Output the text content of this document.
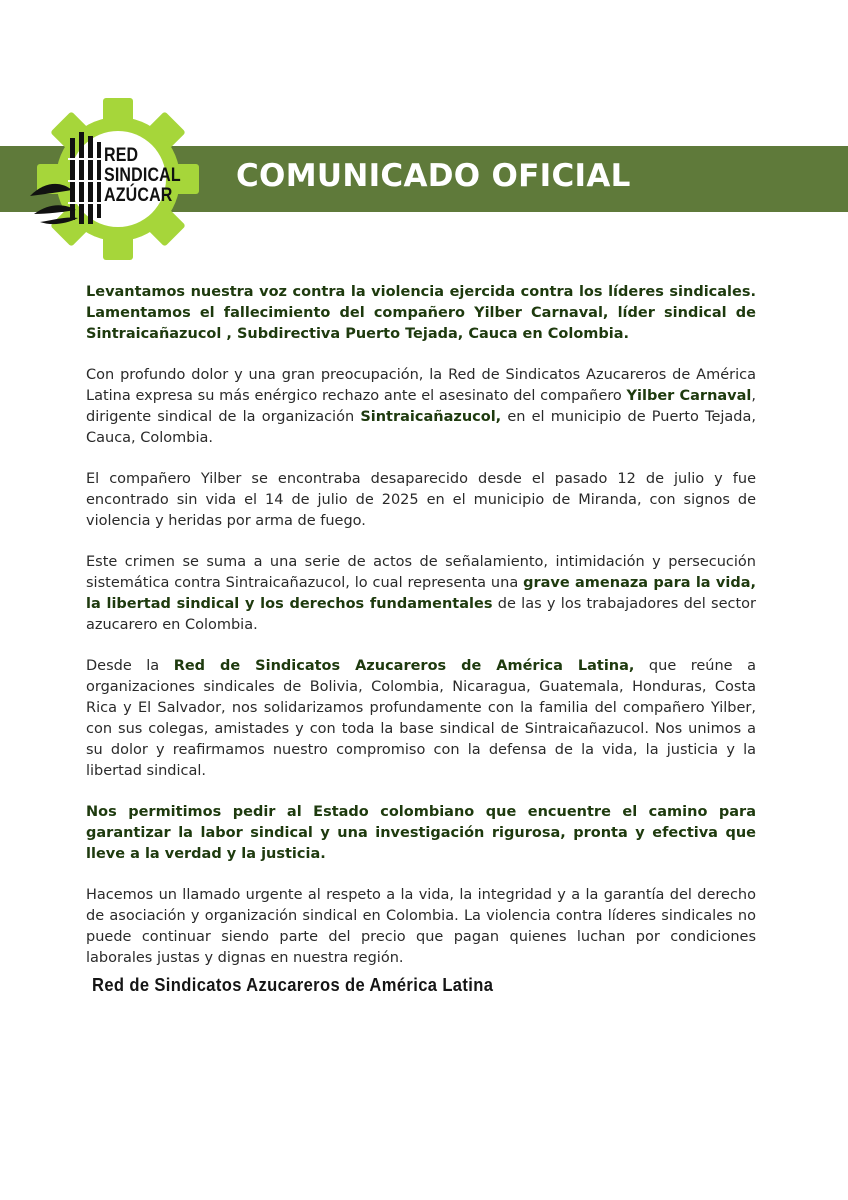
COMUNICADO OFICIAL
RED
SINDICAL
AZÚCAR

Levantamos nuestra voz contra la violencia ejercida contra los líderes sindicales. Lamentamos el fallecimiento del compañero Yilber Carnaval, líder sindical de Sintraicañazucol , Subdirectiva Puerto Tejada, Cauca en Colombia.

Con profundo dolor y una gran preocupación, la Red de Sindicatos Azucareros de América Latina expresa su más enérgico rechazo ante el asesinato del compañero Yilber Carnaval, dirigente sindical de la organización Sintraicañazucol, en el municipio de Puerto Tejada, Cauca, Colombia.

El compañero Yilber se encontraba desaparecido desde el pasado 12 de julio y fue encontrado sin vida el 14 de julio de 2025 en el municipio de Miranda, con signos de violencia y heridas por arma de fuego.

Este crimen se suma a una serie de actos de señalamiento, intimidación y persecución sistemática contra Sintraicañazucol, lo cual representa una grave amenaza para la vida, la libertad sindical y los derechos fundamentales de las y los trabajadores del sector azucarero en Colombia.

Desde la Red de Sindicatos Azucareros de América Latina, que reúne a organizaciones sindicales de Bolivia, Colombia, Nicaragua, Guatemala, Honduras, Costa Rica y El Salvador, nos solidarizamos profundamente con la familia del compañero Yilber, con sus colegas, amistades y con toda la base sindical de Sintraicañazucol. Nos unimos a su dolor y reafirmamos nuestro compromiso con la defensa de la vida, la justicia y la libertad sindical.

Nos permitimos pedir al Estado colombiano que encuentre el camino para garantizar la labor sindical y una investigación rigurosa, pronta y efectiva que lleve a la verdad y la justicia.

Hacemos un llamado urgente al respeto a la vida, la integridad y a la garantía del derecho de asociación y organización sindical en Colombia. La violencia contra líderes sindicales no puede continuar siendo parte del precio que pagan quienes luchan por condiciones laborales justas y dignas en nuestra región.

Red de Sindicatos Azucareros de América Latina
